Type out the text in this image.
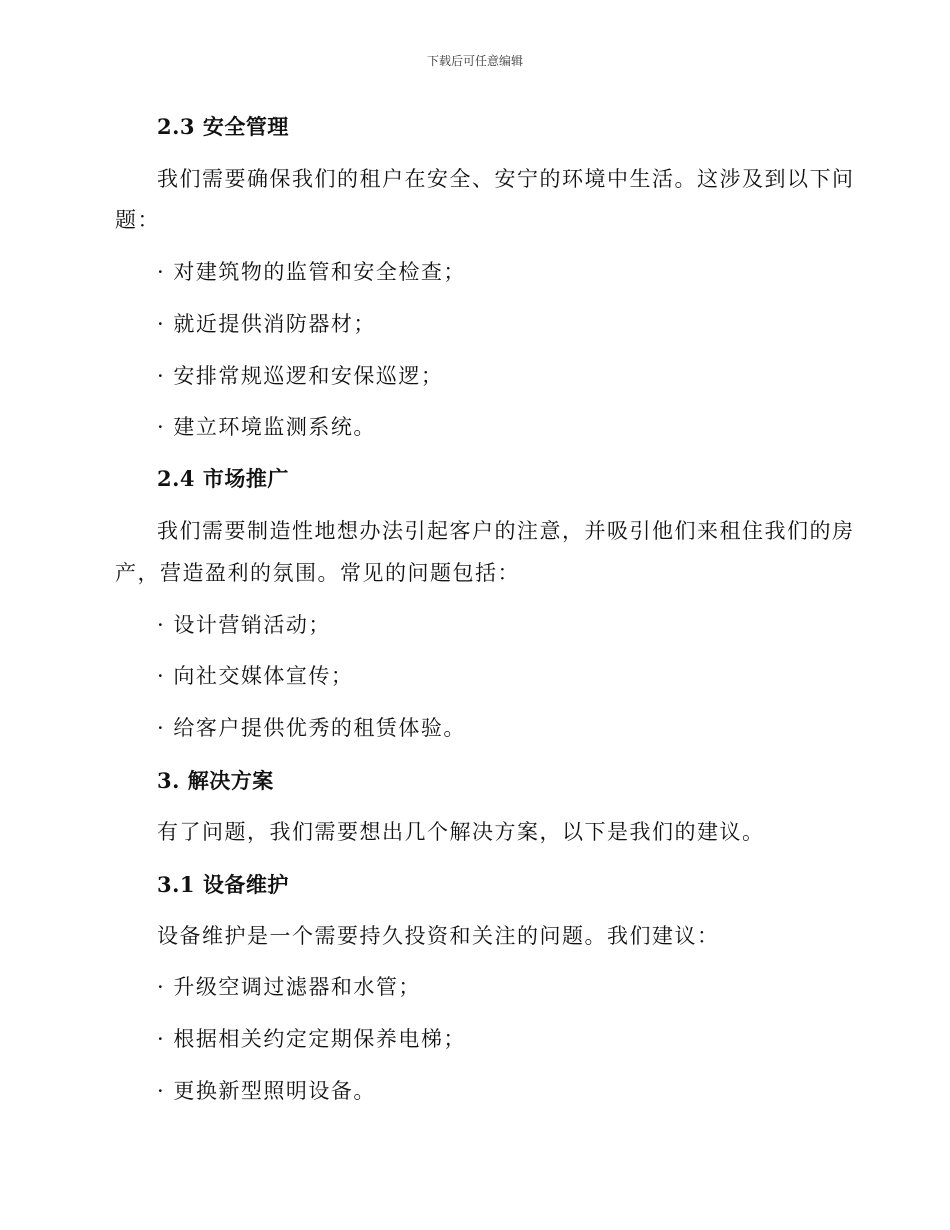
下载后可任意编辑
2.3 安全管理
我们需要确保我们的租户在安全、安宁的环境中生活。这涉及到以下问
题：
· 对建筑物的监管和安全检查；
· 就近提供消防器材；
· 安排常规巡逻和安保巡逻；
· 建立环境监测系统。
2.4 市场推广
我们需要制造性地想办法引起客户的注意，并吸引他们来租住我们的房
产，营造盈利的氛围。常见的问题包括：
· 设计营销活动；
· 向社交媒体宣传；
· 给客户提供优秀的租赁体验。
3. 解决方案
有了问题，我们需要想出几个解决方案，以下是我们的建议。
3.1 设备维护
设备维护是一个需要持久投资和关注的问题。我们建议：
· 升级空调过滤器和水管；
· 根据相关约定定期保养电梯；
· 更换新型照明设备。
